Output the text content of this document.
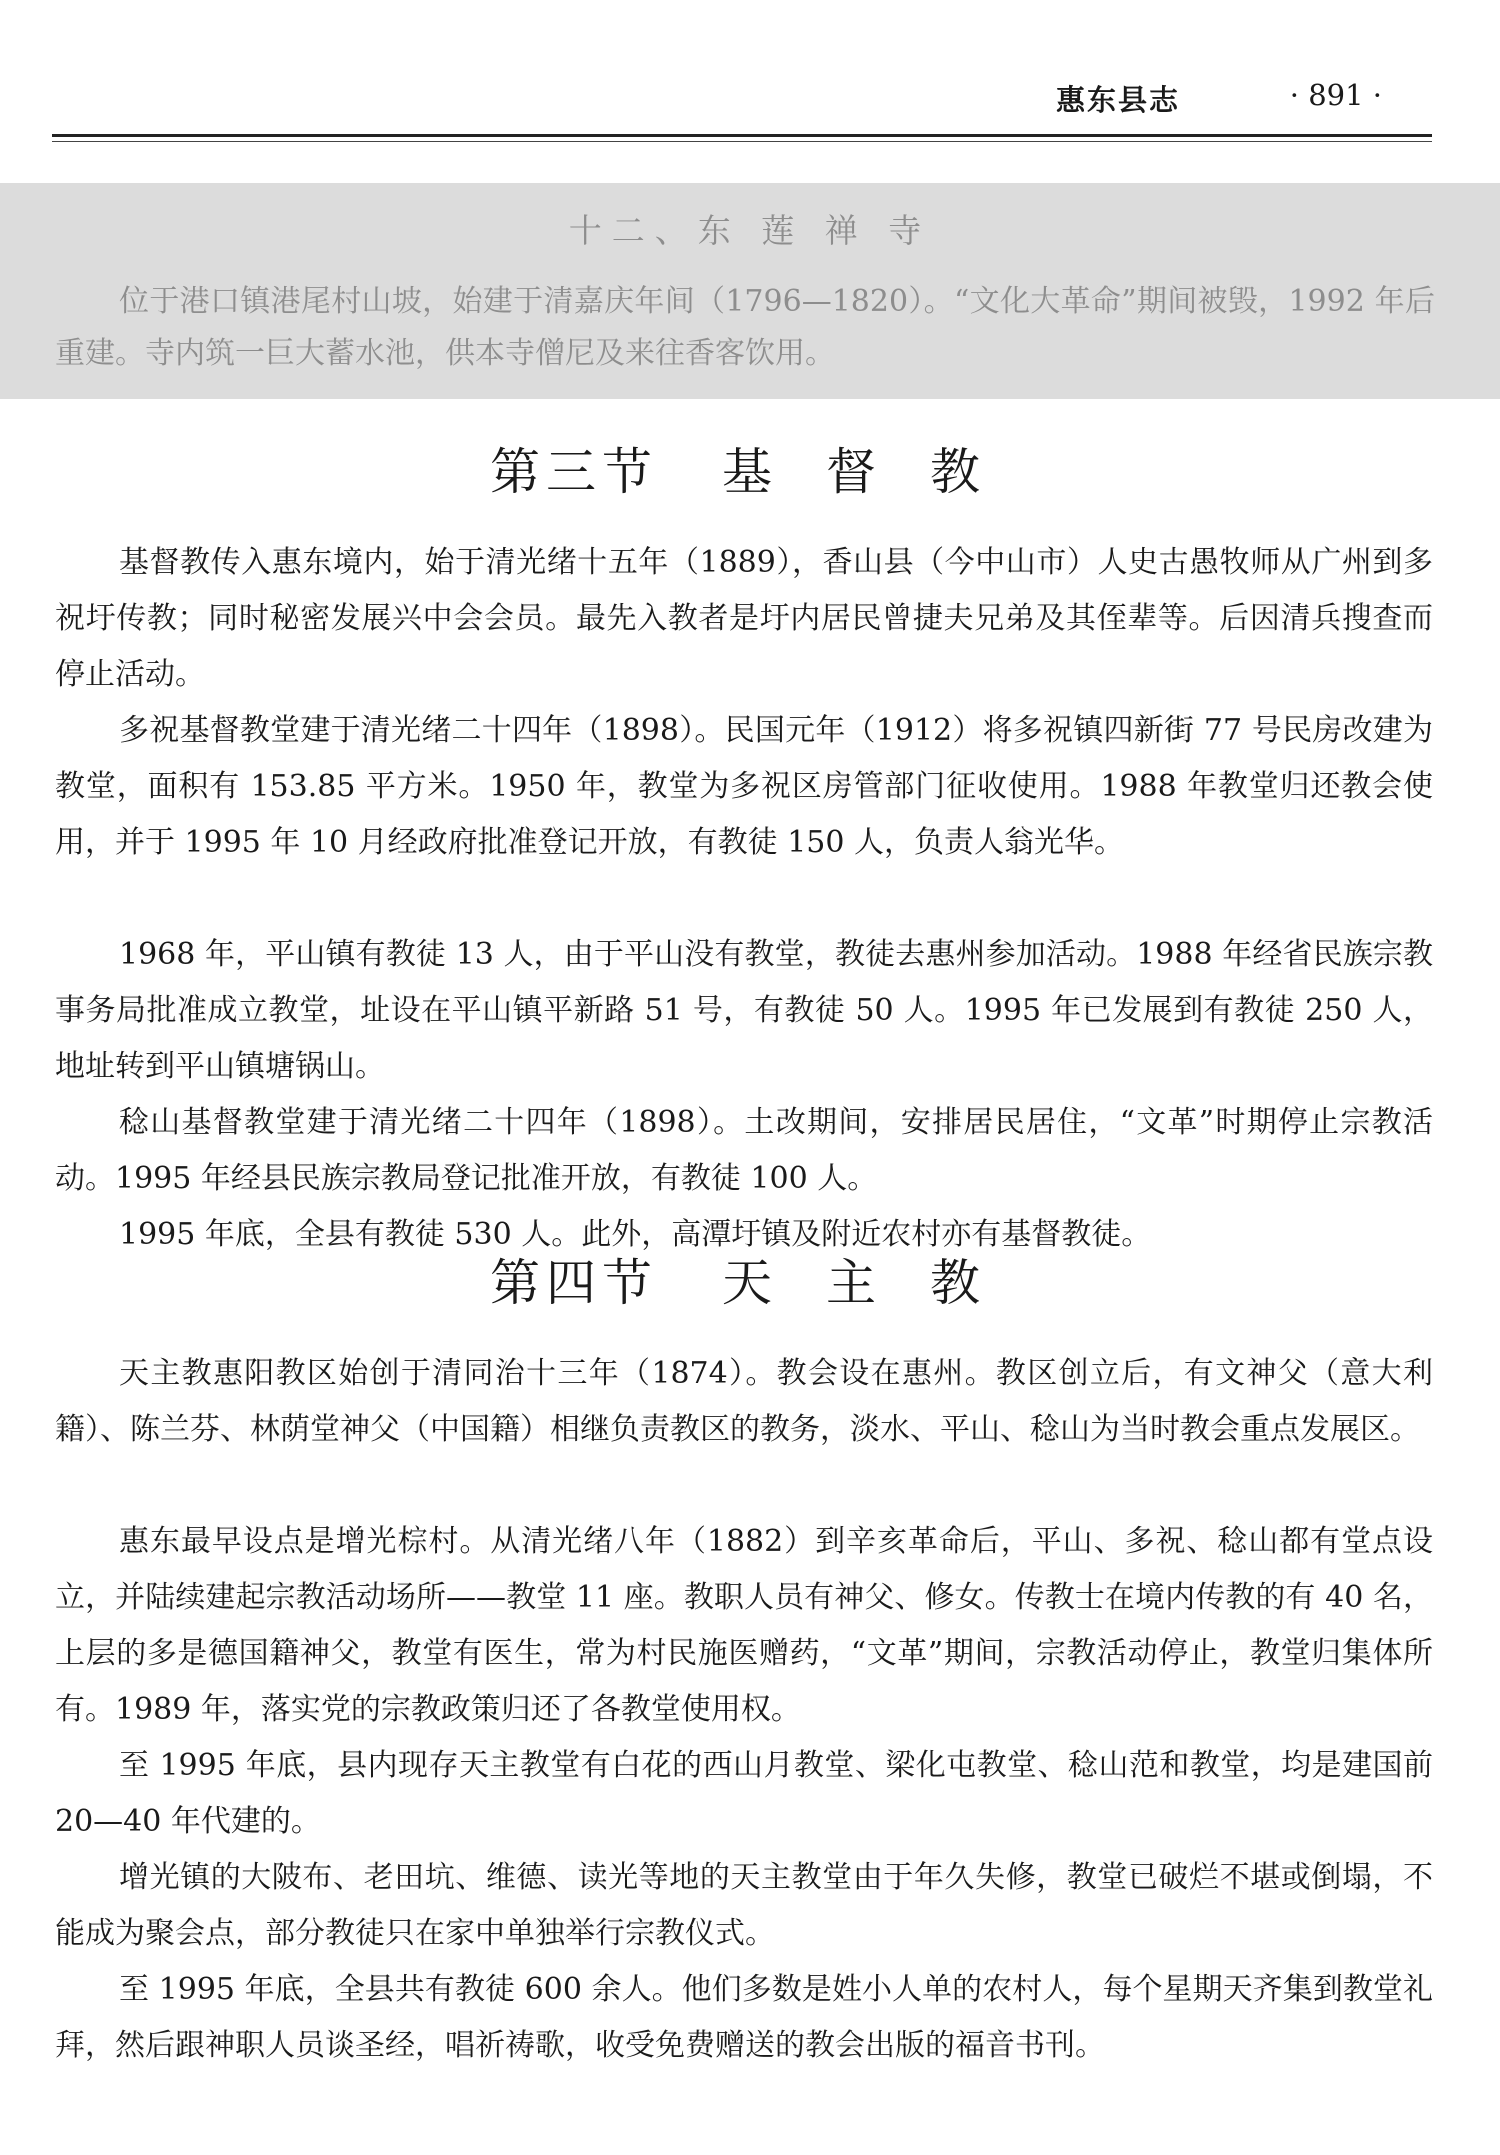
惠东县志	· 891 ·
十二、东 莲 禅 寺

位于港口镇港尾村山坡，始建于清嘉庆年间（1796—1820）。“文化大革命”期间被毁，1992 年后重建。寺内筑一巨大蓄水池，供本寺僧尼及来往香客饮用。

第三节 基 督 教

基督教传入惠东境内，始于清光绪十五年（1889），香山县（今中山市）人史古愚牧师从广州到多祝圩传教；同时秘密发展兴中会会员。最先入教者是圩内居民曾捷夫兄弟及其侄辈等。后因清兵搜查而停止活动。

多祝基督教堂建于清光绪二十四年（1898）。民国元年（1912）将多祝镇四新街 77 号民房改建为教堂，面积有 153.85 平方米。1950 年，教堂为多祝区房管部门征收使用。1988 年教堂归还教会使用，并于 1995 年 10 月经政府批准登记开放，有教徒 150 人，负责人翁光华。

1968 年，平山镇有教徒 13 人，由于平山没有教堂，教徒去惠州参加活动。1988 年经省民族宗教事务局批准成立教堂，址设在平山镇平新路 51 号，有教徒 50 人。1995 年已发展到有教徒 250 人，地址转到平山镇塘锅山。

稔山基督教堂建于清光绪二十四年（1898）。土改期间，安排居民居住，“文革”时期停止宗教活动。1995 年经县民族宗教局登记批准开放，有教徒 100 人。

1995 年底，全县有教徒 530 人。此外，高潭圩镇及附近农村亦有基督教徒。

第四节 天 主 教

天主教惠阳教区始创于清同治十三年（1874）。教会设在惠州。教区创立后，有文神父（意大利籍）、陈兰芬、林荫堂神父（中国籍）相继负责教区的教务，淡水、平山、稔山为当时教会重点发展区。

惠东最早设点是增光棕村。从清光绪八年（1882）到辛亥革命后，平山、多祝、稔山都有堂点设立，并陆续建起宗教活动场所——教堂 11 座。教职人员有神父、修女。传教士在境内传教的有 40 名，上层的多是德国籍神父，教堂有医生，常为村民施医赠药，“文革”期间，宗教活动停止，教堂归集体所有。1989 年，落实党的宗教政策归还了各教堂使用权。

至 1995 年底，县内现存天主教堂有白花的西山月教堂、梁化屯教堂、稔山范和教堂，均是建国前 20—40 年代建的。

增光镇的大陂布、老田坑、维德、读光等地的天主教堂由于年久失修，教堂已破烂不堪或倒塌，不能成为聚会点，部分教徒只在家中单独举行宗教仪式。

至 1995 年底，全县共有教徒 600 余人。他们多数是姓小人单的农村人，每个星期天齐集到教堂礼拜，然后跟神职人员谈圣经，唱祈祷歌，收受免费赠送的教会出版的福音书刊。
